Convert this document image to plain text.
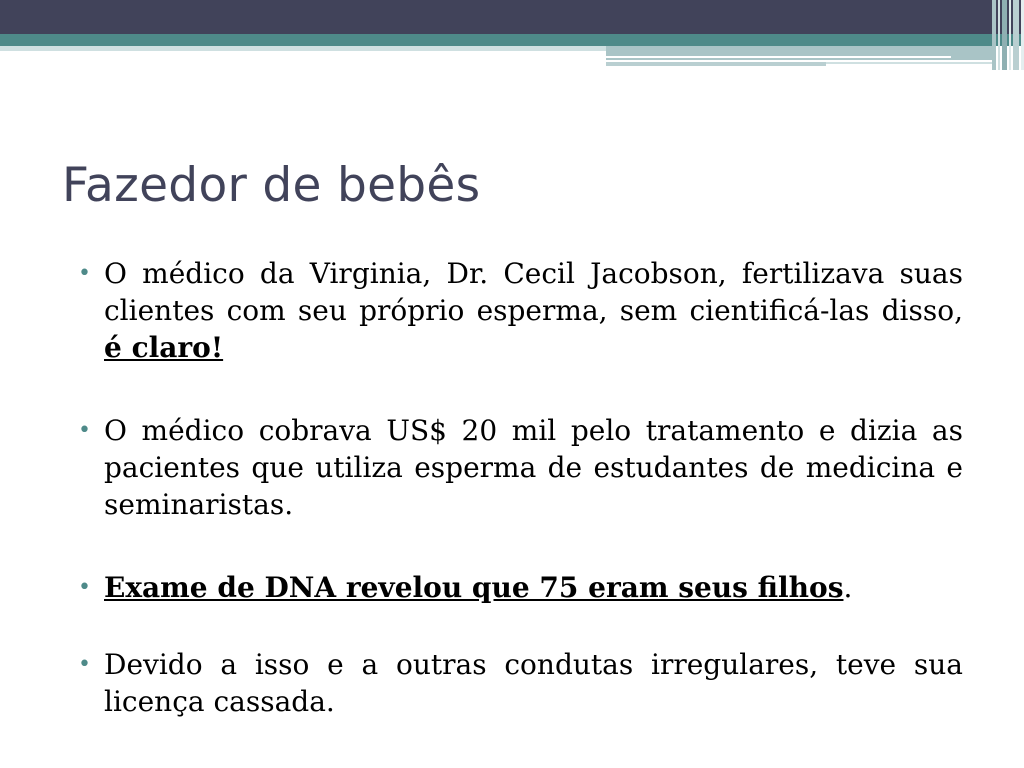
Fazedor de bebês
• O médico da Virginia, Dr. Cecil Jacobson, fertilizava suas clientes com seu próprio esperma, sem cientificá-las disso, é claro!
• O médico cobrava US$ 20 mil pelo tratamento e dizia as pacientes que utiliza esperma de estudantes de medicina e seminaristas.
• Exame de DNA revelou que 75 eram seus filhos.
• Devido a isso e a outras condutas irregulares, teve sua licença cassada.
